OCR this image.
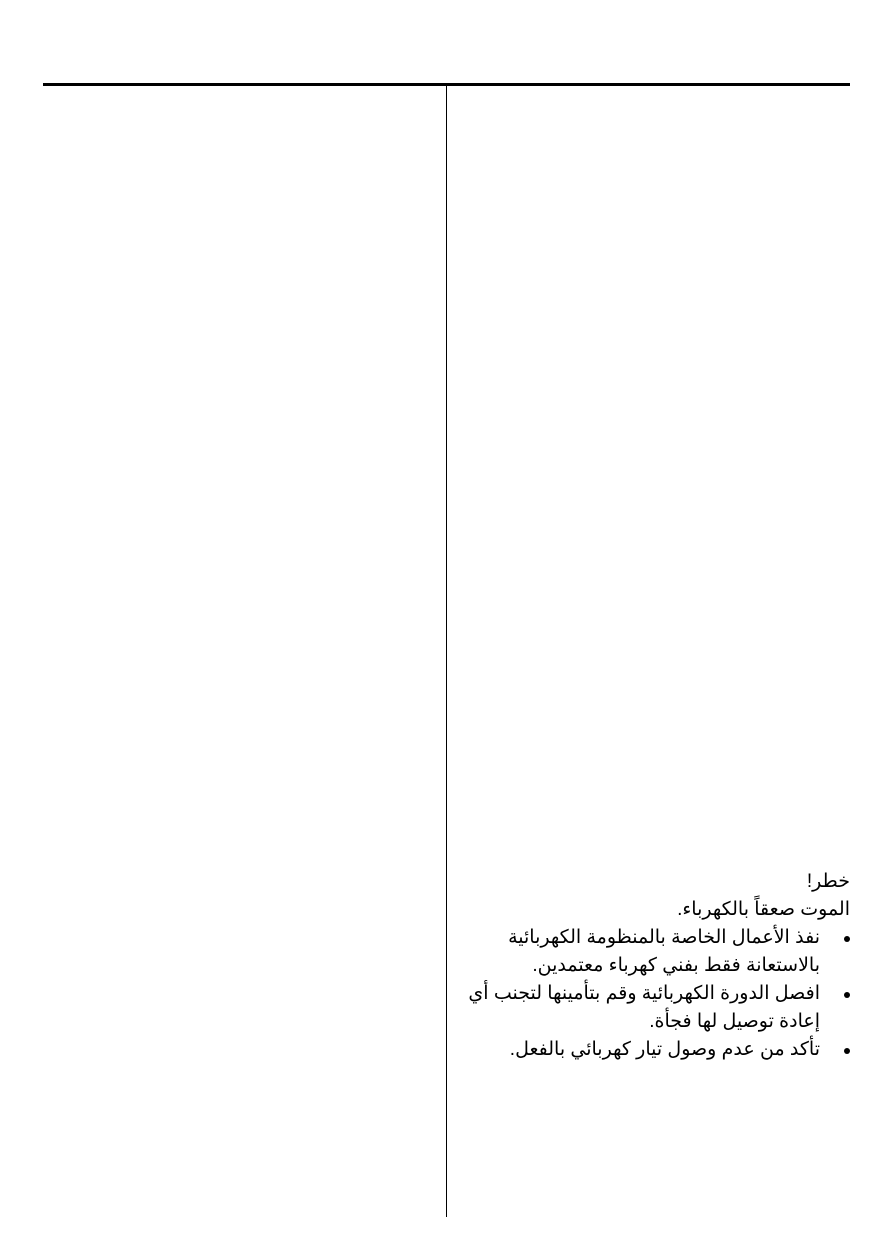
خطر!

الموت صعقاً بالكهرباء.

نفذ الأعمال الخاصة بالمنظومة الكهربائية بالاستعانة فقط بفني كهرباء معتمدين.
افصل الدورة الكهربائية وقم بتأمينها لتجنب أي إعادة توصيل لها فجأة.
تأكد من عدم وصول تيار كهربائي بالفعل.
